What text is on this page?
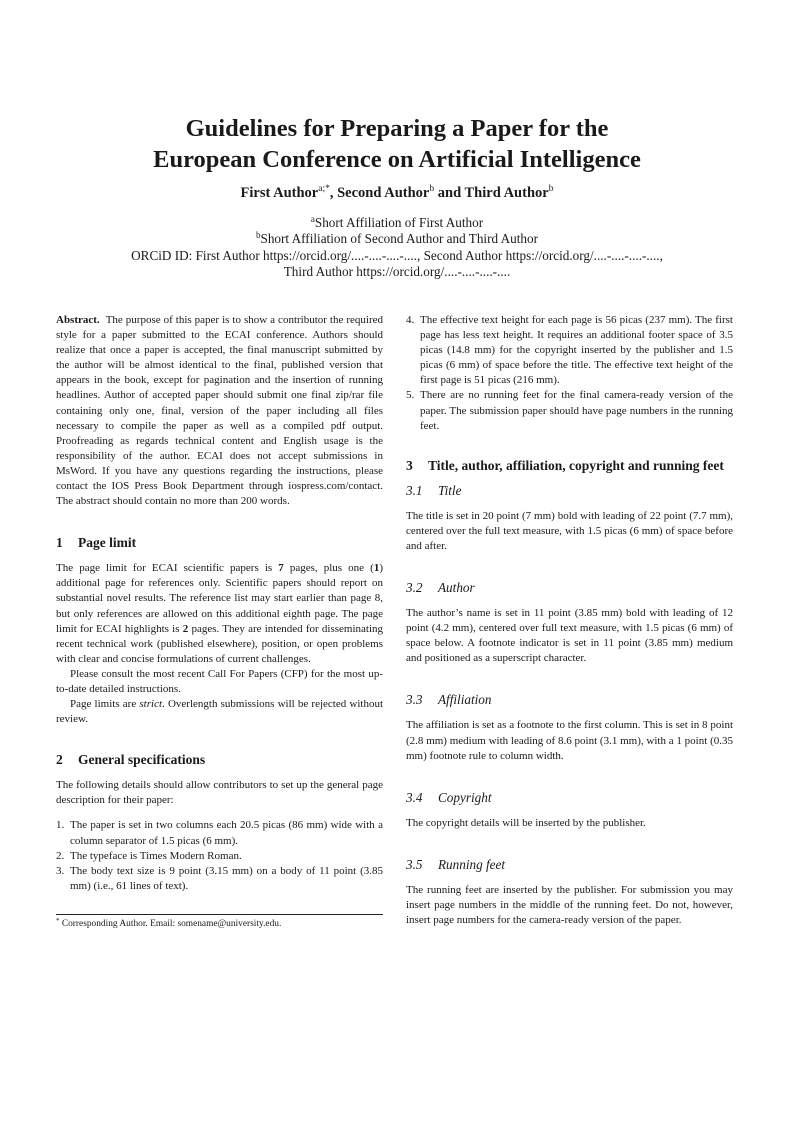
Guidelines for Preparing a Paper for the
European Conference on Artificial Intelligence
First Author$^{a;*}$, Second Author$^b$ and Third Author$^b$
$^a$Short Affiliation of First Author
$^b$Short Affiliation of Second Author and Third Author
ORCiD ID: First Author https://orcid.org/....-....-....-...., Second Author https://orcid.org/....-....-....-....,
Third Author https://orcid.org/....-....-....-....

Abstract. The purpose of this paper is to show a contributor the required style for a paper submitted to the ECAI conference. Authors should realize that once a paper is accepted, the final manuscript submitted by the author will be almost identical to the final, published version that appears in the book, except for pagination and the insertion of running headlines. Author of accepted paper should submit one final zip/rar file containing only one, final, version of the paper including all files necessary to compile the paper as well as a compiled pdf output. Proofreading as regards technical content and English usage is the responsibility of the author. ECAI does not accept submissions in MsWord. If you have any questions regarding the instructions, please contact the IOS Press Book Department through iospress.com/contact. The abstract should contain no more than 200 words.

1	Page limit

The page limit for ECAI scientific papers is 7 pages, plus one (1) additional page for references only. Scientific papers should report on substantial novel results. The reference list may start earlier than page 8, but only references are allowed on this additional eighth page. The page limit for ECAI highlights is 2 pages. They are intended for disseminating recent technical work (published elsewhere), position, or open problems with clear and concise formulations of current challenges.

Please consult the most recent Call For Papers (CFP) for the most up-to-date detailed instructions.

Page limits are strict. Overlength submissions will be rejected without review.

2	General specifications

The following details should allow contributors to set up the general page description for their paper:

1. The paper is set in two columns each 20.5 picas (86 mm) wide with a column separator of 1.5 picas (6 mm).
2. The typeface is Times Modern Roman.
3. The body text size is 9 point (3.15 mm) on a body of 11 point (3.85 mm) (i.e., 61 lines of text).
* Corresponding Author. Email: somename@university.edu.
4. The effective text height for each page is 56 picas (237 mm). The first page has less text height. It requires an additional footer space of 3.5 picas (14.8 mm) for the copyright inserted by the publisher and 1.5 picas (6 mm) of space before the title. The effective text height of the first page is 51 picas (216 mm).
5. There are no running feet for the final camera-ready version of the paper. The submission paper should have page numbers in the running feet.
3	Title, author, affiliation, copyright and running feet
3.1	Title

The title is set in 20 point (7 mm) bold with leading of 22 point (7.7 mm), centered over the full text measure, with 1.5 picas (6 mm) of space before and after.

3.2	Author

The author’s name is set in 11 point (3.85 mm) bold with leading of 12 point (4.2 mm), centered over full text measure, with 1.5 picas (6 mm) of space below. A footnote indicator is set in 11 point (3.85 mm) medium and positioned as a superscript character.

3.3	Affiliation

The affiliation is set as a footnote to the first column. This is set in 8 point (2.8 mm) medium with leading of 8.6 point (3.1 mm), with a 1 point (0.35 mm) footnote rule to column width.

3.4	Copyright

The copyright details will be inserted by the publisher.

3.5	Running feet

The running feet are inserted by the publisher. For submission you may insert page numbers in the middle of the running feet. Do not, however, insert page numbers for the camera-ready version of the paper.
